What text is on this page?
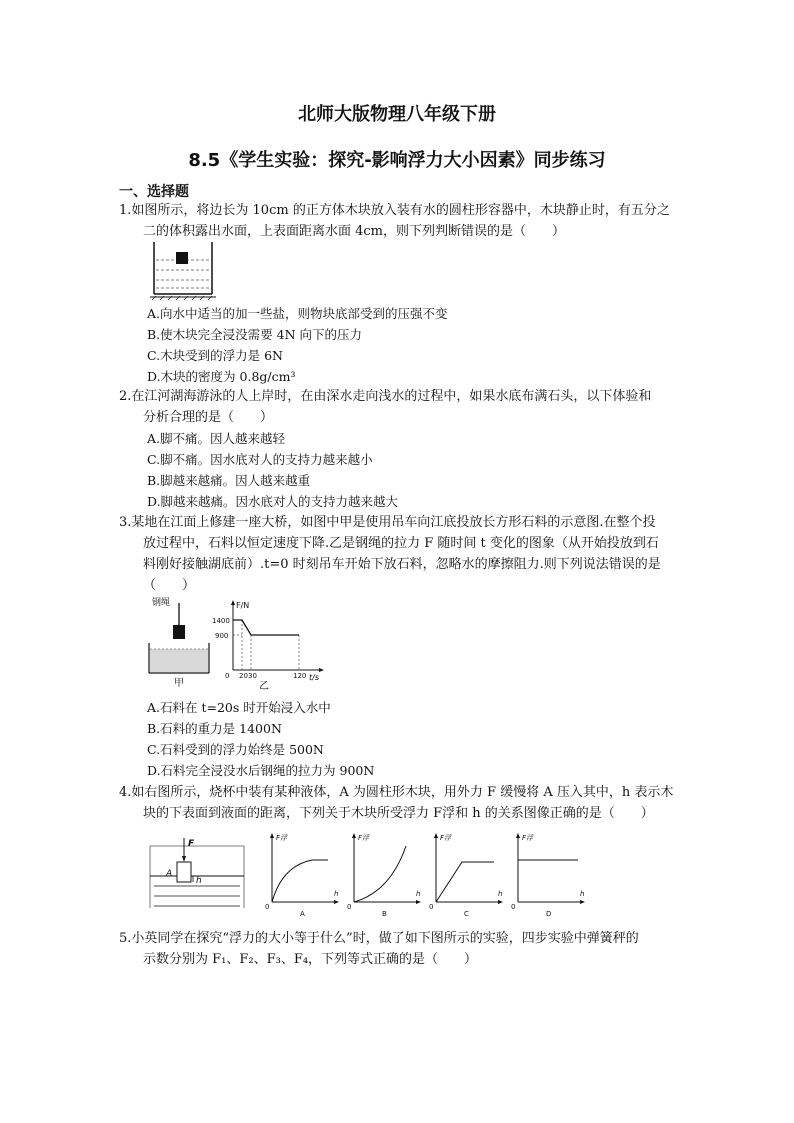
北师大版物理八年级下册
8.5《学生实验：探究-影响浮力大小因素》同步练习
一、选择题
1.如图所示，将边长为 10cm 的正方体木块放入装有水的圆柱形容器中，木块静止时，有五分之
二的体积露出水面，上表面距离水面 4cm，则下列判断错误的是（　　）
A.向水中适当的加一些盐，则物块底部受到的压强不变
B.使木块完全浸没需要 4N 向下的压力
C.木块受到的浮力是 6N
D.木块的密度为 0.8g/cm³
2.在江河湖海游泳的人上岸时，在由深水走向浅水的过程中，如果水底布满石头，以下体验和
分析合理的是（　　）
A.脚不痛。因人越来越轻
C.脚不痛。因水底对人的支持力越来越小
B.脚越来越痛。因人越来越重
D.脚越来越痛。因水底对人的支持力越来越大
3.某地在江面上修建一座大桥，如图中甲是使用吊车向江底投放长方形石料的示意图.在整个投
放过程中，石料以恒定速度下降.乙是钢绳的拉力 F 随时间 t 变化的图象（从开始投放到石
料刚好接触湖底前）.t=0 时刻吊车开始下放石料，忽略水的摩擦阻力.则下列说法错误的是
（　　）
钢绳
甲
F/N
t/s
0
1400
900
20 30	120
乙
A.石料在 t=20s 时开始浸入水中
B.石料的重力是 1400N
C.石料受到的浮力始终是 500N
D.石料完全浸没水后钢绳的拉力为 900N
4.如右图所示，烧杯中装有某种液体，A 为圆柱形木块，用外力 F 缓慢将 A 压入其中，h 表示木
块的下表面到液面的距离，下列关于木块所受浮力 F浮和 h 的关系图像正确的是（　　）
F
A
h
F浮
h
0
A
F浮
h
0
B
F浮
h
0
C
F浮
h
0
D
5.小英同学在探究“浮力的大小等于什么”时，做了如下图所示的实验，四步实验中弹簧秤的
示数分别为 F₁、F₂、F₃、F₄，下列等式正确的是（　　）
